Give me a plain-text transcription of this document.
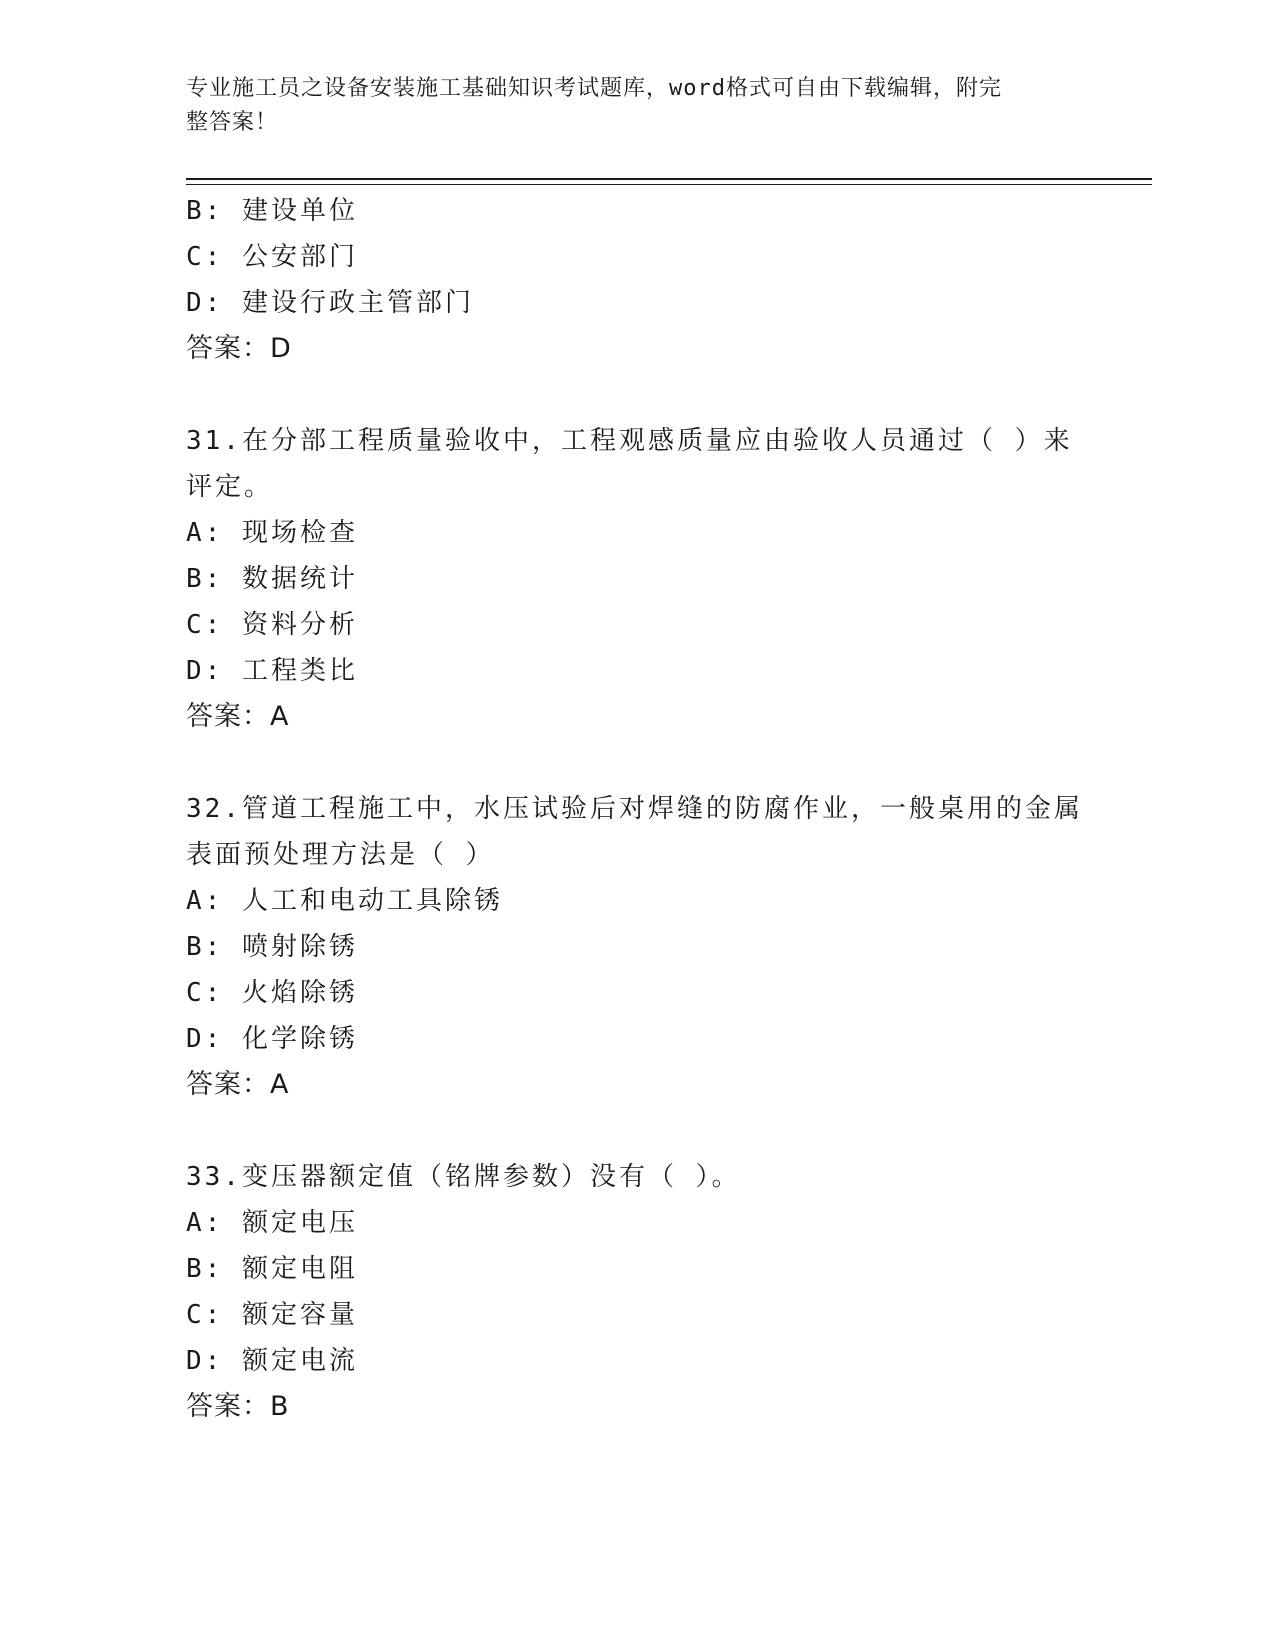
专业施工员之设备安装施工基础知识考试题库，word格式可自由下载编辑，附完
整答案！
B: 建设单位
C: 公安部门
D: 建设行政主管部门
答案：D
31.在分部工程质量验收中，工程观感质量应由验收人员通过（ ）来
评定。
A: 现场检查
B: 数据统计
C: 资料分析
D: 工程类比
答案：A
32.管道工程施工中，水压试验后对焊缝的防腐作业，一般桌用的金属
表面预处理方法是（ ）
A: 人工和电动工具除锈
B: 喷射除锈
C: 火焰除锈
D: 化学除锈
答案：A
33.变压器额定值（铭牌参数）没有（ ）。
A: 额定电压
B: 额定电阻
C: 额定容量
D: 额定电流
答案：B
